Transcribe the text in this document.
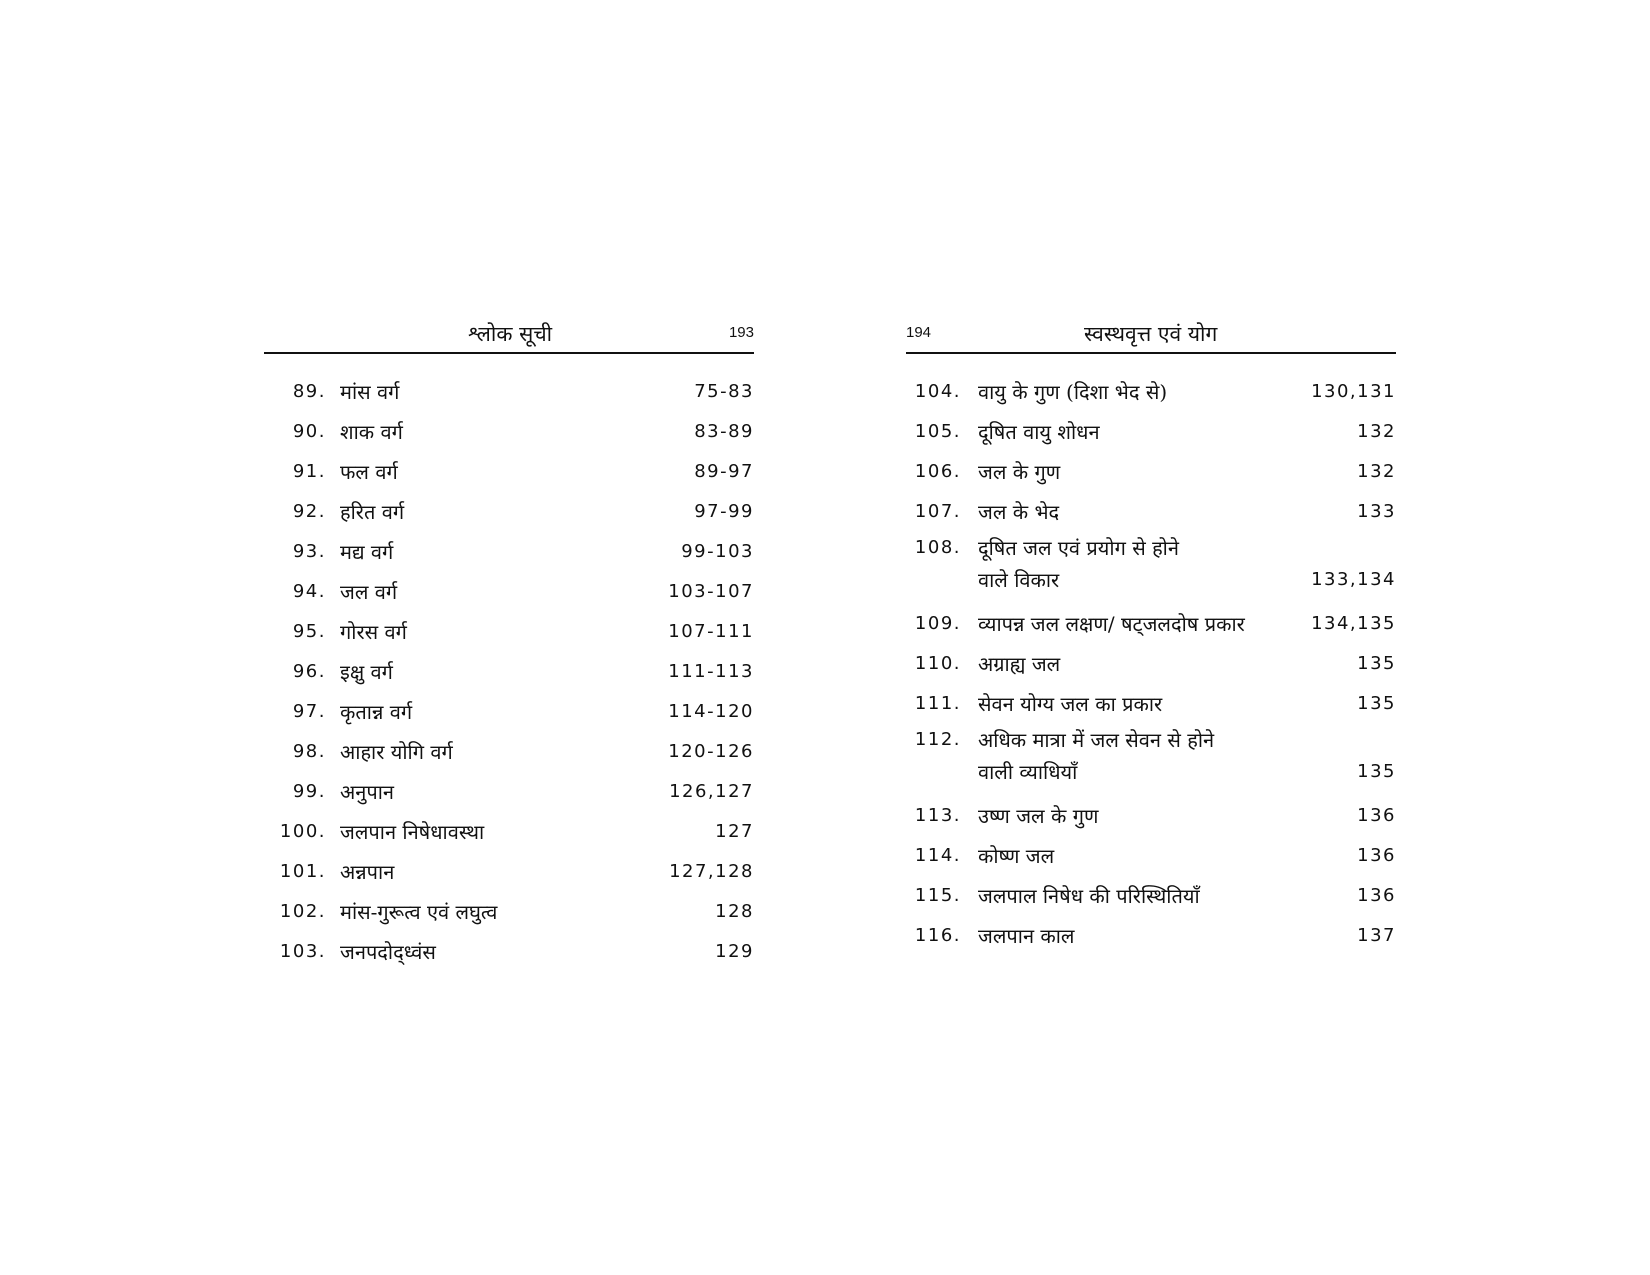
श्लोक सूची	193
89. मांस वर्ग	75-83
90. शाक वर्ग	83-89
91. फल वर्ग	89-97
92. हरित वर्ग	97-99
93. मद्य वर्ग	99-103
94. जल वर्ग	103-107
95. गोरस वर्ग	107-111
96. इक्षु वर्ग	111-113
97. कृतान्न वर्ग	114-120
98. आहार योगि वर्ग	120-126
99. अनुपान	126,127
100. जलपान निषेधावस्था	127
101. अन्नपान	127,128
102. मांस-गुरूत्व एवं लघुत्व	128
103. जनपदोद्ध्वंस	129
194	स्वस्थवृत्त एवं योग
104. वायु के गुण (दिशा भेद से)	130,131
105. दूषित वायु शोधन	132
106. जल के गुण	132
107. जल के भेद	133
108. दूषित जल एवं प्रयोग से होने
वाले विकार	133,134
109. व्यापन्न जल लक्षण/ षट्जलदोष प्रकार	134,135
110. अग्राह्य जल	135
111. सेवन योग्य जल का प्रकार	135
112. अधिक मात्रा में जल सेवन से होने
वाली व्याधियाँ	135
113. उष्ण जल के गुण	136
114. कोष्ण जल	136
115. जलपाल निषेध की परिस्थितियाँ	136
116. जलपान काल	137
